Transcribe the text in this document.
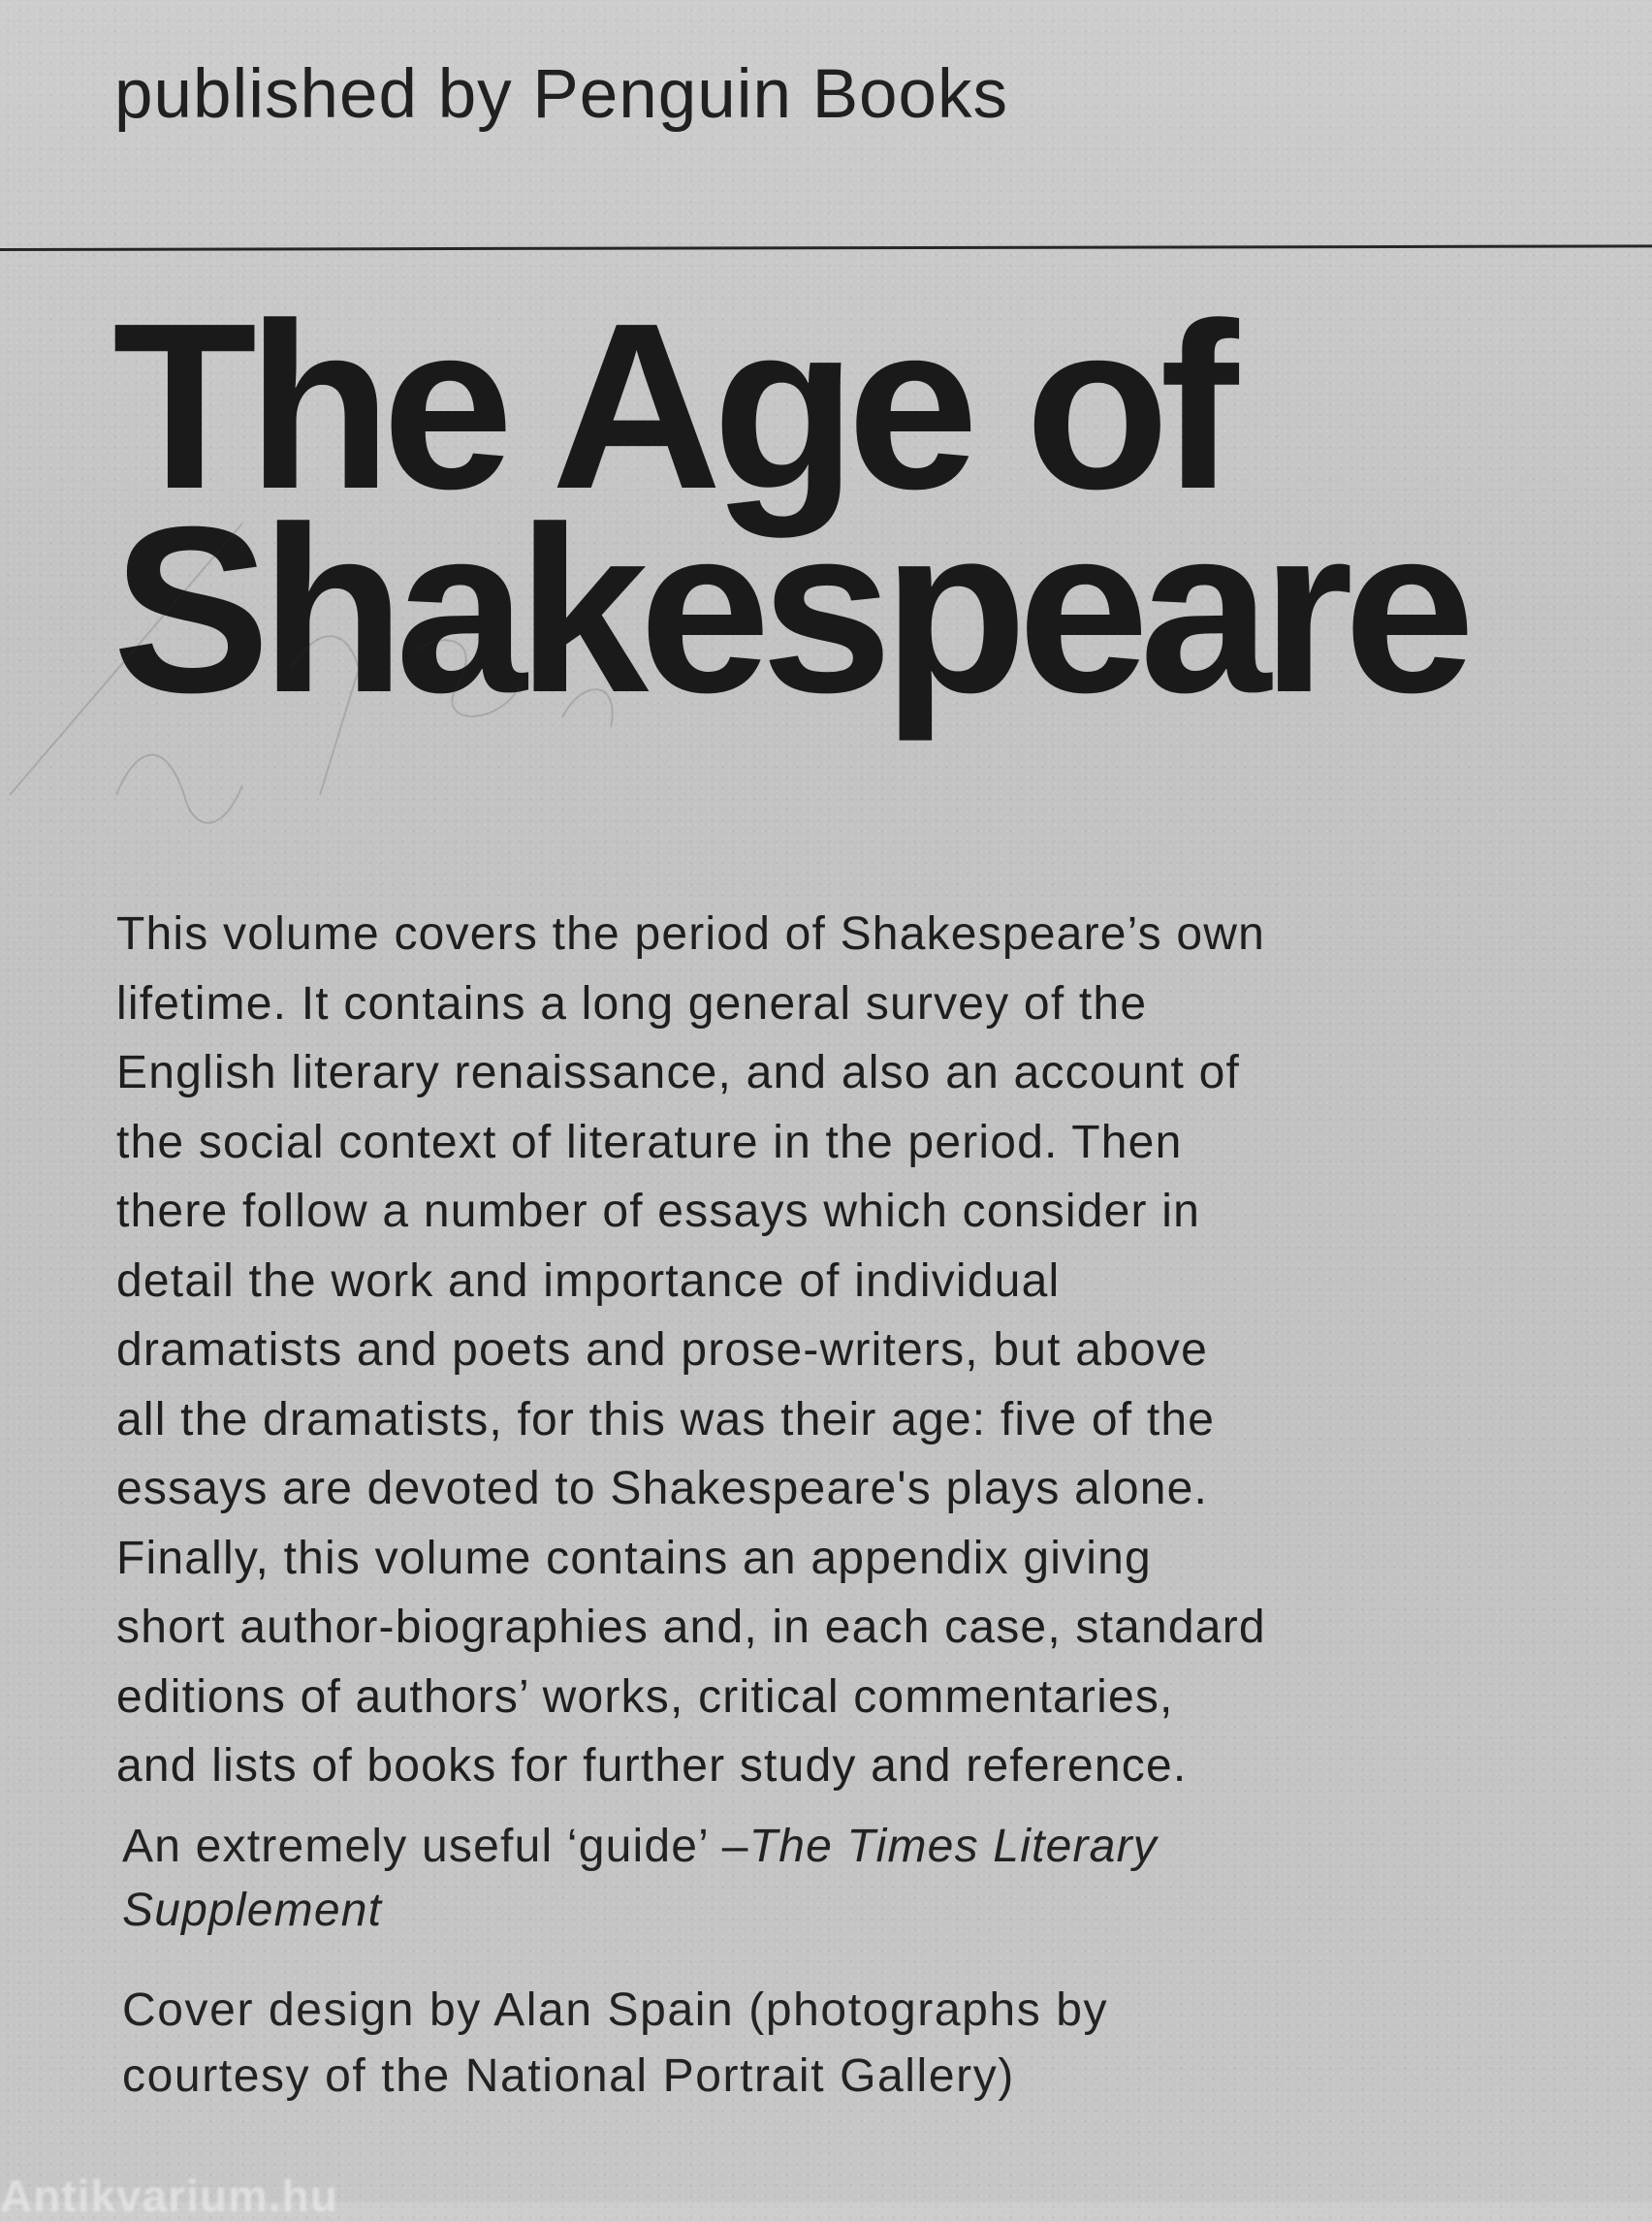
published by Penguin Books
The Age of
Shakespeare
This volume covers the period of Shakespeare’s own
lifetime. It contains a long general survey of the
English literary renaissance, and also an account of
the social context of literature in the period. Then
there follow a number of essays which consider in
detail the work and importance of individual
dramatists and poets and prose-writers, but above
all the dramatists, for this was their age: five of the
essays are devoted to Shakespeare's plays alone.
Finally, this volume contains an appendix giving
short author-biographies and, in each case, standard
editions of authors’ works, critical commentaries,
and lists of books for further study and reference.
An extremely useful ‘guide’ –The Times Literary
Supplement
Cover design by Alan Spain (photographs by
courtesy of the National Portrait Gallery)
Antikvarium.hu
